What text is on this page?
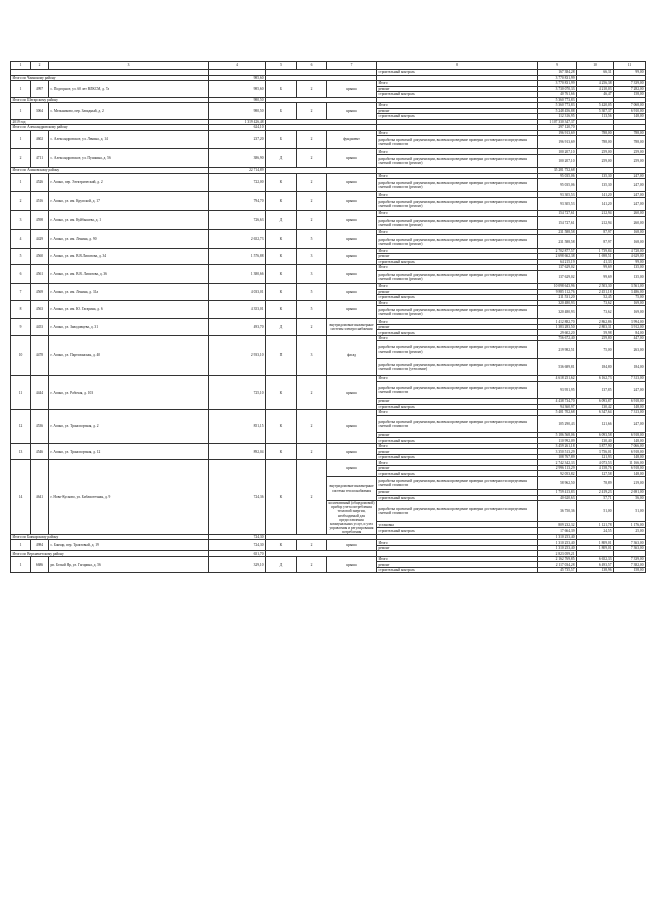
1	2	3	4	5	6	7	8	9	10	11
							строительный контроль	167 384,28	66,31	99,00
Итого по Чаинскому району			985,60					3 770 831,99		
1	4997	с. Подгорное, ул. 60 лет ВЛКСМ, д. 7а	985,60	Б	2	крыша	Итого	3 770 831,99	4 256,38	7 339,00
							ремонт	3 730 070,33	4 210,03	7 282,00
							строительный контроль	40 761,66	46,47	158,00
Итого по Шегарскому району			980,50					5 360 773,83		
1	3064	с. Мельниково, пер. Западный, д. 2	980,50	Б	2	крыша	Итого	5 360 773,83	5 420,05	7 068,00
							ремонт	5 248 456,88	5 307,37	6 910,00
							строительный контроль	112 316,95	113,56	148,00
2019 год			1 319 426,48					1 107 330 347,37		
Итого по Александровскому району			624,10					297 120,70		
1	4602	с. Александровское, ул. Ленина, д. 14	237,20	Б	2	фундамент	Итого	196 913,69	788,00	788,00
							разработка проектной документации, включая проведение проверки достоверности определения сметной стоимости	196 913,69	788,00	788,00
2	4711	с. Александровское, ул. Пушкина, д. 56	386,90	Д	2	крыша	Итого	100 207,10	259,00	259,00
							разработка проектной документации, включая проведение проверки достоверности определения сметной стоимости (ремонт)	100 207,10	259,00	259,00
Итого по Асиновскому району			22 714,89					35 281 752,68		
1	4526	г. Асино, пер. Электрический, д. 2	722,00	К	2	крыша	Итого	95 035,06	135,30	247,00
							разработка проектной документации, включая проведение проверки достоверности определения сметной стоимости (ремонт)	95 035,06	135,30	247,00
2	4516	г. Асино, ул. им. Крупской, д. 17	794,70	К	2	крыша	Итого	93 305,53	141,20	247,00
							разработка проектной документации, включая проведение проверки достоверности определения сметной стоимости (ремонт)	93 305,53	141,20	247,00
3	4598	г. Асино, ул. им. Куйбышева, д. 1	726,63	Д	2	крыша	Итого	154 727,61	212,94	260,00
							разработка проектной документации, включая проведение проверки достоверности определения сметной стоимости (ремонт)	154 727,61	212,94	260,00
4	4429	г. Асино, ул. им. Ленина, д. 90	2 652,73	К	5	крыша	Итого	231 588,58	87,97	168,00
							разработка проектной документации, включая проведение проверки достоверности определения сметной стоимости (ремонт)	231 588,58	87,97	168,00
5	4560	г. Асино, ул. им. В.В.Липатова, д. 34	1 576,88	К	3	крыша	Итого	2 702 877,57	1 739,84	4 728,00
							ремонт	2 698 662,38	1 698,51	4 629,00
							строительный контроль	64 215,19	41,33	99,00
6	4561	г. Асино, ул. им. В.В. Липатова, д. 36	1 380,66	К	3	крыша	Итого	137 629,02	99,69	135,00
							разработка проектной документации, включая проведение проверки достоверности определения сметной стоимости (ремонт)	137 629,02	99,69	135,00
7	4569	г. Асино, ул. им. Ленина, д. 31а	4 033,01	К	5	крыша	Итого	10 098 643,96	2 503,30	3 561,00
							ремонт	9 885 112,76	2 451,18	3 486,00
							строительный контроль	211 531,20	52,45	75,00
8	4563	г. Асино, ул. им. Ю. Гагарина, д. 6	4 353,01	К	5	крыша	Итого	320 480,93	73,62	169,00
							разработка проектной документации, включая проведение проверки достоверности определения сметной стоимости (ремонт)	320 480,93	73,62	169,00
9	4453	г. Асино, ул. Заводовцева, д. 31	493,70	Д	2	внутридомовые инженерные системы электроснабжения	Итого	1 412 882,70	2 862,86	3 994,00
							ремонт	1 383 283,50	2 803,31	3 912,00
							строительный контроль	29 602,20	59,98	84,00
10	4478	г. Асино, ул. Партизанская, д. 40	2 933,10	П	3	фасад	Итого	756 672,40	259,80	447,00
							разработка проектной документации, включая проведение проверки достоверности определения сметной стоимости (ремонт)	219 982,51	75,00	263,00
							разработка проектной документации, включая проведение проверки достоверности определения сметной стоимости (утепление)	536 689,81	184,80	184,00
11	4444	г. Асино, ул. Рабочая, д. 103	725,10	К	2	крыша	Итого	4 618 251,62	6 162,73	7 313,00
							разработка проектной документации, включая проведение проверки достоверности определения сметной стоимости	93 951,95	137,85	247,00
							ремонт	4 438 734,70	6 093,87	6 918,00
							строительный контроль	94 360,97	130,42	148,00
12	4536	г. Асино, ул. Транспортная, д. 2	851,15	К	2	крыша	Итого	5 401 702,68	6 347,64	7 313,00
							разработка проектной документации, включая проведение проверки достоверности определения сметной стоимости	105 290,43	121,66	247,00
							ремонт	5 186 568,06	6 093,58	6 918,00
							строительный контроль	110 992,09	130,40	148,00
13	4546	г. Асино, ул. Транспортная, д. 12	892,04	К	2	крыша	Итого	3 459 261,18	3 877,90	7 066,00
							ремонт	3 350 513,29	3 756,01	6 918,00
							строительный контроль	108 767,89	121,93	148,00
14	4641	г. Ново-Кусково, ул. Библиотечная, д. 9	724,36	К	2	крыша	Итого	2 742 342,33	4 073,53	11 166,00
							ремонт	2 996 113,29	4 158,76	6 918,00
							строительный контроль	92 053,82	127,58	148,00
						внутридомовые инженерные системы теплоснабжения	разработка проектной документации, включая проведение проверки достоверности определения сметной стоимости	58 962,50	78,89	219,00
							ремонт	1 759 413,83	2 419,23	2 691,00
							строительный контроль	40 620,63	57,71	56,00
						коллективный (общедомовой) прибор учета потребления тепловой энергии, необходимый для предоставления коммунальных услуг, и узел управления и регулирования потребления	разработка проектной документации, включая проведение проверки достоверности определения сметной стоимости	36 750,36	51,00	51,00
							установка	809 232,32	1 121,78	1 176,00
							строительный контроль	17 664,39	24,55	25,00
Итого по Бакчарскому району			724,30					1 310 253,40		
1	4984	с. Бакчар, пер. Трактовый, д. 19	724,30	К	2	крыша	Итого	1 310 253,40	1 809,01	7 363,00
							ремонт	1 310 253,40	1 809,01	7 363,00
Итого по Верхнекетскому району			651,70					2 823 059,21		
1	6686	рп. Белый Яр, ул. Гагарина, д. 56	329,10	Д	2	крыша	Итого	2 162 769,85	6 652,33	7 339,00
							ремонт	2 117 034,28	6 493,57	7 382,00
							строительный контроль	45 735,57	138,96	158,00
